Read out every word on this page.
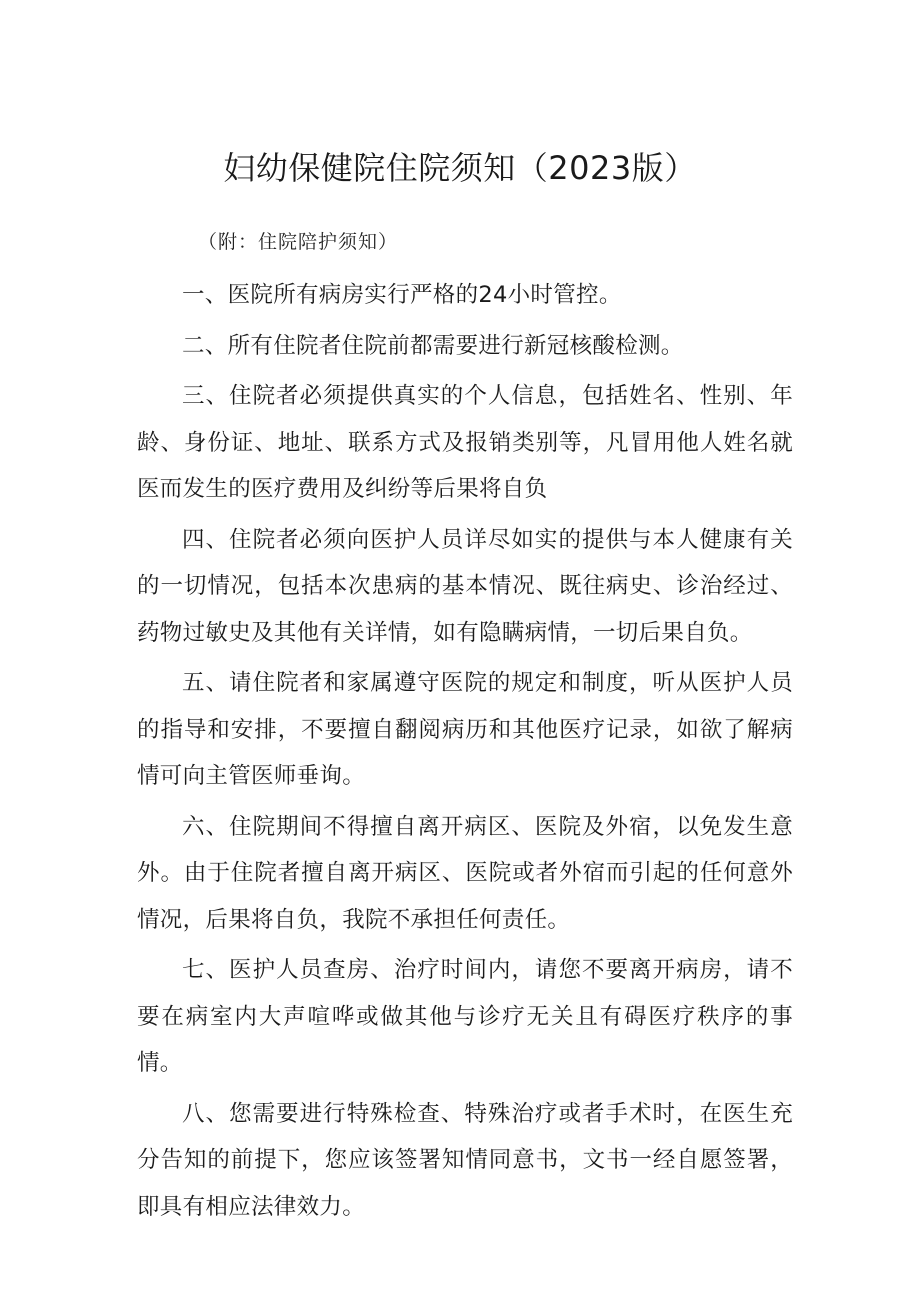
妇幼保健院住院须知（2023版）
（附：住院陪护须知）

一、医院所有病房实行严格的24小时管控。

二、所有住院者住院前都需要进行新冠核酸检测。

三、住院者必须提供真实的个人信息，包括姓名、性别、年龄、身份证、地址、联系方式及报销类别等，凡冒用他人姓名就医而发生的医疗费用及纠纷等后果将自负

四、住院者必须向医护人员详尽如实的提供与本人健康有关的一切情况，包括本次患病的基本情况、既往病史、诊治经过、药物过敏史及其他有关详情，如有隐瞒病情，一切后果自负。

五、请住院者和家属遵守医院的规定和制度，听从医护人员的指导和安排，不要擅自翻阅病历和其他医疗记录，如欲了解病情可向主管医师垂询。

六、住院期间不得擅自离开病区、医院及外宿，以免发生意外。由于住院者擅自离开病区、医院或者外宿而引起的任何意外情况，后果将自负，我院不承担任何责任。

七、医护人员查房、治疗时间内，请您不要离开病房，请不要在病室内大声喧哗或做其他与诊疗无关且有碍医疗秩序的事情。

八、您需要进行特殊检查、特殊治疗或者手术时，在医生充分告知的前提下，您应该签署知情同意书，文书一经自愿签署，即具有相应法律效力。
